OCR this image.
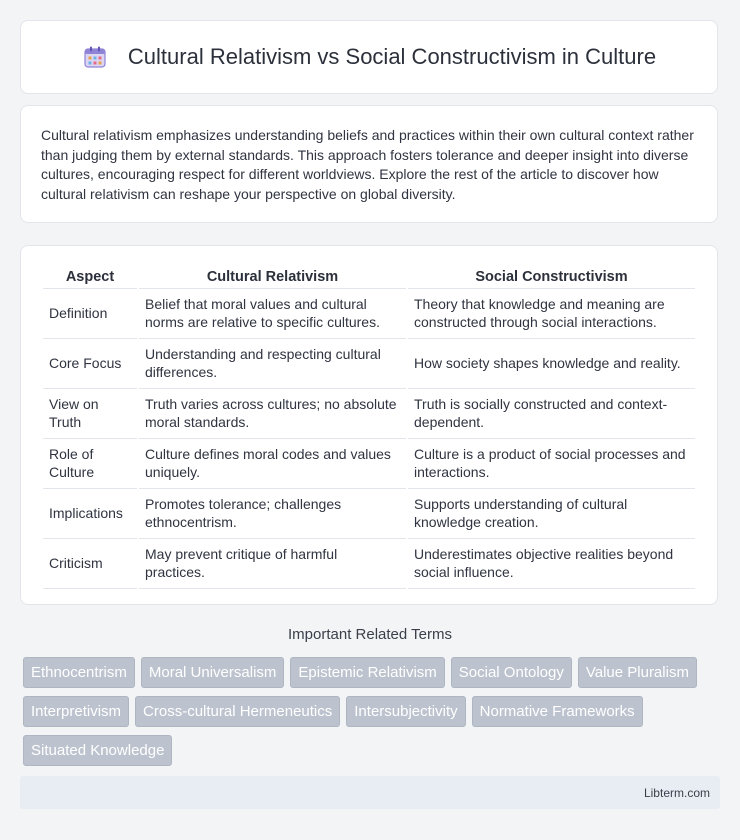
Cultural Relativism vs Social Constructivism in Culture

Cultural relativism emphasizes understanding beliefs and practices within their own cultural context rather than judging them by external standards. This approach fosters tolerance and deeper insight into diverse cultures, encouraging respect for different worldviews. Explore the rest of the article to discover how cultural relativism can reshape your perspective on global diversity.

Aspect	Cultural Relativism	Social Constructivism
Definition	Belief that moral values and cultural norms are relative to specific cultures.	Theory that knowledge and meaning are constructed through social interactions.
Core Focus	Understanding and respecting cultural differences.	How society shapes knowledge and reality.
View on Truth	Truth varies across cultures; no absolute moral standards.	Truth is socially constructed and context-dependent.
Role of Culture	Culture defines moral codes and values uniquely.	Culture is a product of social processes and interactions.
Implications	Promotes tolerance; challenges ethnocentrism.	Supports understanding of cultural knowledge creation.
Criticism	May prevent critique of harmful practices.	Underestimates objective realities beyond social influence.
Important Related Terms
Ethnocentrism	Moral Universalism	Epistemic Relativism	Social Ontology	Value Pluralism
Interpretivism	Cross-cultural Hermeneutics	Intersubjectivity	Normative Frameworks
Situated Knowledge
Libterm.com
